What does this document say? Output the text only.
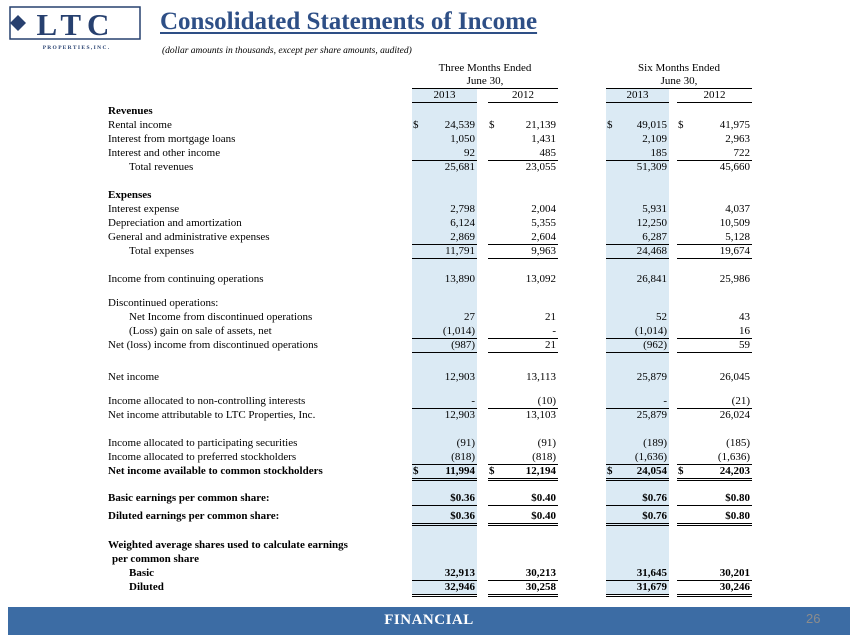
LTC
P R O P E R T I E S , I N C .
Consolidated Statements of Income
(dollar amounts in thousands, except per share amounts, audited)
Three Months Ended
June 30,
Six Months Ended
June 30,
2013	2012	2013	2012
Revenues
Rental income	$ 24,539 $	21,139	$ 49,015 $	41,975
Interest from mortgage loans	1,050	1,431	2,109	2,963
Interest and other income	92	485	185	722
Total revenues	25,681	23,055	51,309	45,660
Expenses
Interest expense	2,798	2,004	5,931	4,037
Depreciation and amortization	6,124	5,355	12,250	10,509
General and administrative expenses	2,869	2,604	6,287	5,128
Total expenses	11,791	9,963	24,468	19,674
Income from continuing operations	13,890	13,092	26,841	25,986
Discontinued operations:
Net Income from discontinued operations	27	21	52	43
(Loss) gain on sale of assets, net	(1,014)	-	(1,014)	16
Net (loss) income from discontinued operations	(987)	21	(962)	59
Net income	12,903	13,113	25,879	26,045
Income allocated to non-controlling interests	-	(10)	-	(21)
Net income attributable to LTC Properties, Inc.	12,903	13,103	25,879	26,024
Income allocated to participating securities	(91)	(91)	(189)	(185)
Income allocated to preferred stockholders	(818)	(818)	(1,636)	(1,636)
Net income available to common stockholders	$ 11,994 $	12,194	$ 24,054 $	24,203
Basic earnings per common share:	$0.36	$0.40	$0.76	$0.80
Diluted earnings per common share:	$0.36	$0.40	$0.76	$0.80
Weighted average shares used to calculate earnings
per common share
Basic	32,913	30,213	31,645	30,201
Diluted	32,946	30,258	31,679	30,246
FINANCIAL	26
